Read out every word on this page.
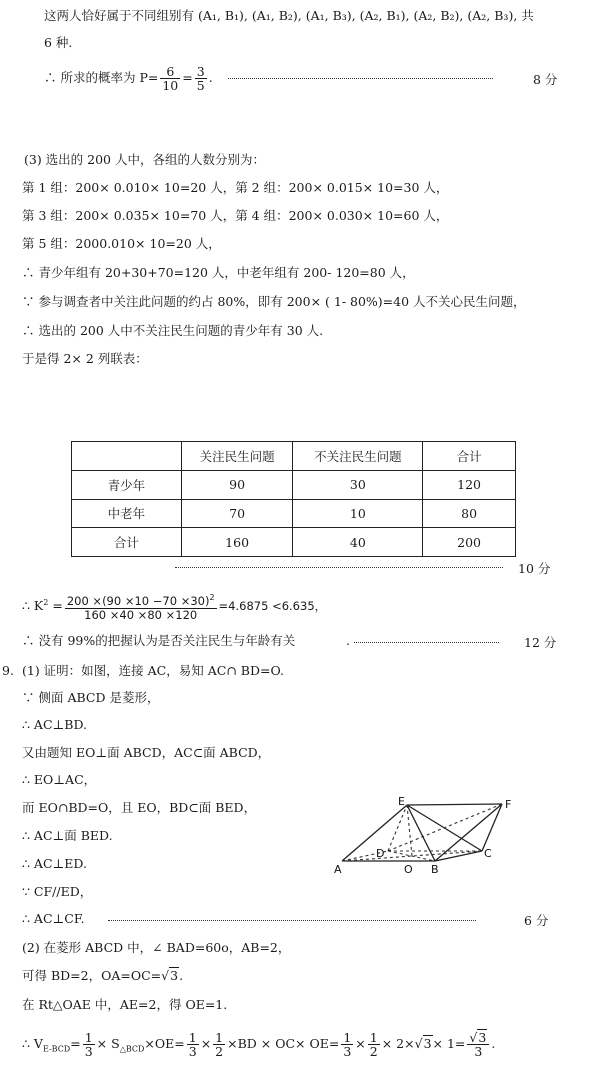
这两人恰好属于不同组别有 (A₁, B₁), (A₁, B₂), (A₁, B₃), (A₂, B₁), (A₂, B₂), (A₂, B₃), 共
6 种.
∴ 所求的概率为 $P= \frac{6}{10} = \frac{3}{5}$ .	8 分
(3) 选出的 200 人中，各组的人数分别为：
第 1 组：200× 0.010× 10=20 人，第 2 组：200× 0.015× 10=30 人，
第 3 组：200× 0.035× 10=70 人，第 4 组：200× 0.030× 10=60 人，
第 5 组：2000.010× 10=20 人，
∴ 青少年组有 20+30+70=120 人，中老年组有 200- 120=80 人，
∵ 参与调查者中关注此问题的约占 80%，即有 200× ( 1- 80%)=40 人不关心民生问题，
∴ 选出的 200 人中不关注民生问题的青少年有 30 人.
于是得 2× 2 列联表：
	关注民生问题	不关注民生问题	合计
青少年	90	30	120
中老年	70	10	80
合计	160	40	200
10 分
∴ $K^2 = \frac{200 \times(90 \times 10 -70 \times 30)^2}{160 \times 40 \times 80 \times 120} =4.6875 <6.635$，
∴ 没有 99%的把握认为是否关注民生与年龄有关	.	12 分
9. (1) 证明：如图，连接 AC，易知 AC∩ BD=O.
∵ 侧面 ABCD 是菱形，
∴ AC⊥BD.
又由题知 EO⊥面 ABCD，AC⊂面 ABCD，
∴ EO⊥AC，
而 EO∩BD=O，且 EO，BD⊂面 BED，
∴ AC⊥面 BED.
∴ AC⊥ED.
∵ CF//ED，
∴ AC⊥CF.	6 分
(2) 在菱形 ABCD 中，∠ BAD=60o，AB=2，
可得 BD=2，OA=OC=√3.
在 Rt△OAE 中，AE=2，得 OE=1.
∴ $V_{E-BCD}= \frac{1}{3} \times S_{\triangle BCD}\times OE= \frac{1}{3} \times \frac{1}{2} \times BD \times OC\times OE= \frac{1}{3} \times \frac{1}{2} \times 2\times√3\times 1= \frac{√3}{3}$ .
E	F
D	C
O
A	B
